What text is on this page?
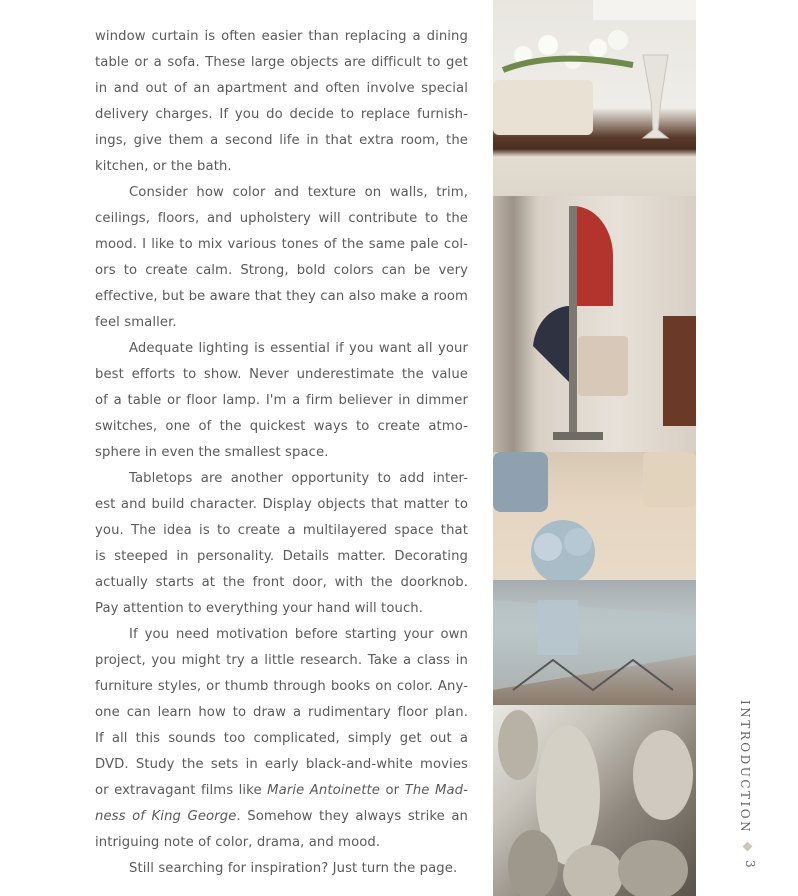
window curtain is often easier than replacing a dining
table or a sofa. These large objects are difficult to get
in and out of an apartment and often involve special
delivery charges. If you do decide to replace furnish-
ings, give them a second life in that extra room, the
kitchen, or the bath.
Consider how color and texture on walls, trim,
ceilings, floors, and upholstery will contribute to the
mood. I like to mix various tones of the same pale col-
ors to create calm. Strong, bold colors can be very
effective, but be aware that they can also make a room
feel smaller.
Adequate lighting is essential if you want all your
best efforts to show. Never underestimate the value
of a table or floor lamp. I'm a firm believer in dimmer
switches, one of the quickest ways to create atmo-
sphere in even the smallest space.
Tabletops are another opportunity to add inter-
est and build character. Display objects that matter to
you. The idea is to create a multilayered space that
is steeped in personality. Details matter. Decorating
actually starts at the front door, with the doorknob.
Pay attention to everything your hand will touch.
If you need motivation before starting your own
project, you might try a little research. Take a class in
furniture styles, or thumb through books on color. Any-
one can learn how to draw a rudimentary floor plan.
If all this sounds too complicated, simply get out a
DVD. Study the sets in early black-and-white movies
or extravagant films like Marie Antoinette or The Mad-
ness of King George. Somehow they always strike an
intriguing note of color, drama, and mood.
Still searching for inspiration? Just turn the page.
INTRODUCTION
3
